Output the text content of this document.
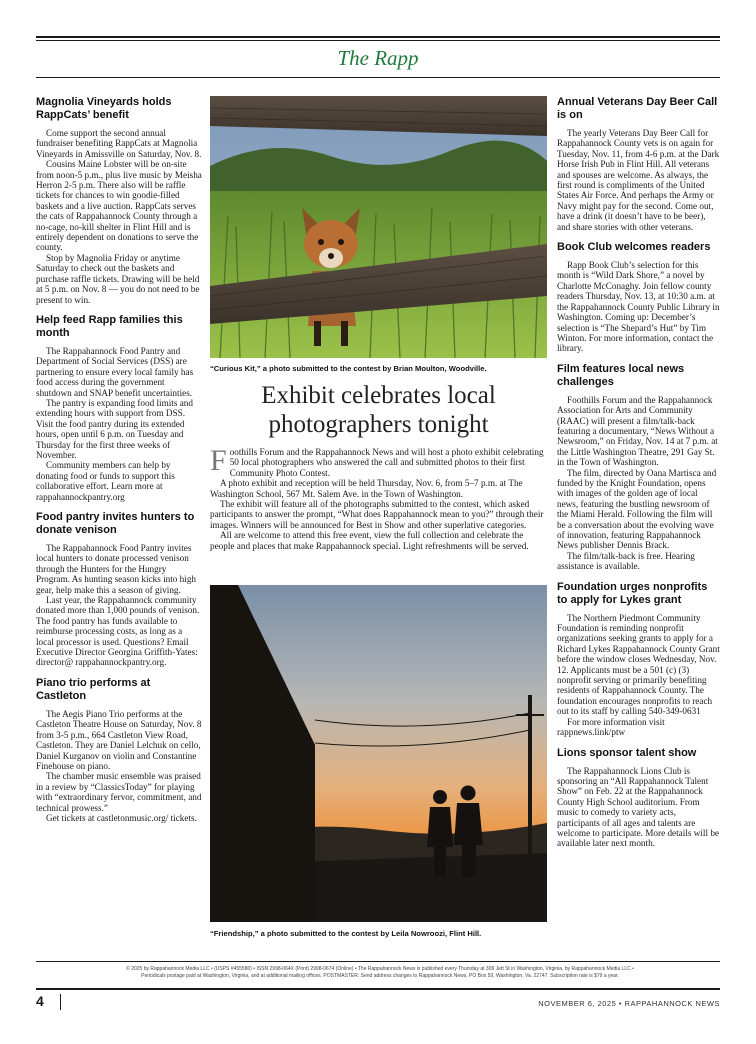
The Rapp
Magnolia Vineyards holds RappCats’ benefit

Come support the second annual fundraiser benefiting RappCats at Magnolia Vineyards in Amissville on Saturday, Nov. 8.

Cousins Maine Lobster will be on-site from noon-5 p.m., plus live music by Meisha Herron 2-5 p.m. There also will be raffle tickets for chances to win goodie-filled baskets and a live auction. RappCats serves the cats of Rappahannock County through a no-cage, no-kill shelter in Flint Hill and is entirely dependent on donations to serve the county.

Stop by Magnolia Friday or anytime Saturday to check out the baskets and purchase raffle tickets. Drawing will be held at 5 p.m. on Nov. 8 — you do not need to be present to win.

Help feed Rapp families this month

The Rappahannock Food Pantry and Department of Social Services (DSS) are partnering to ensure every local family has food access during the government shutdown and SNAP benefit uncertainties.

The pantry is expanding food limits and extending hours with support from DSS. Visit the food pantry during its extended hours, open until 6 p.m. on Tuesday and Thursday for the first three weeks of November.

Community members can help by donating food or funds to support this collaborative effort. Learn more at rappahannockpantry.org

Food pantry invites hunters to donate venison

The Rappahannock Food Pantry invites local hunters to donate processed venison through the Hunters for the Hungry Program. As hunting season kicks into high gear, help make this a season of giving.

Last year, the Rappahannock community donated more than 1,000 pounds of venison. The food pantry has funds available to reimburse processing costs, as long as a local processor is used. Questions? Email Executive Director Georgina Griffith-Yates: director@ rappahannockpantry.org.

Piano trio performs at Castleton

The Aegis Piano Trio performs at the Castleton Theatre House on Saturday, Nov. 8 from 3-5 p.m., 664 Castleton View Road, Castleton. They are Daniel Lelchuk on cello, Daniel Kurganov on violin and Constantine Finehouse on piano.

The chamber music ensemble was praised in a review by “ClassicsToday” for playing with “extraordinary fervor, commitment, and technical prowess.”

Get tickets at castletonmusic.org/ tickets.

“Curious Kit,” a photo submitted to the contest by Brian Moulton, Woodville.
Exhibit celebrates local photographers tonight

Foothills Forum and the Rappahannock News and will host a photo exhibit celebrating 50 local photographers who answered the call and submitted photos to their first Community Photo Contest.

A photo exhibit and reception will be held Thursday, Nov. 6, from 5–7 p.m. at The Washington School, 567 Mt. Salem Ave. in the Town of Washington.

The exhibit will feature all of the photographs submitted to the contest, which asked participants to answer the prompt, “What does Rappahannock mean to you?” through their images. Winners will be announced for Best in Show and other superlative categories.

All are welcome to attend this free event, view the full collection and celebrate the people and places that make Rappahannock special. Light refreshments will be served.

“Friendship,” a photo submitted to the contest by Leila Nowroozi, Flint Hill.
Annual Veterans Day Beer Call is on

The yearly Veterans Day Beer Call for Rappahannock County vets is on again for Tuesday, Nov. 11, from 4-6 p.m. at the Dark Horse Irish Pub in Flint Hill. All veterans and spouses are welcome. As always, the first round is compliments of the United States Air Force. And perhaps the Army or Navy might pay for the second. Come out, have a drink (it doesn’t have to be beer), and share stories with other veterans.

Book Club welcomes readers

Rapp Book Club’s selection for this month is “Wild Dark Shore,” a novel by Charlotte McConaghy. Join fellow county readers Thursday, Nov. 13, at 10:30 a.m. at the Rappahannock County Public Library in Washington. Coming up: December’s selection is “The Shepard’s Hut” by Tim Winton. For more information, contact the library.

Film features local news challenges

Foothills Forum and the Rappahannock Association for Arts and Community (RAAC) will present a film/talk-back featuring a documentary, “News Without a Newsroom,” on Friday, Nov. 14 at 7 p.m. at the Little Washington Theatre, 291 Gay St. in the Town of Washington.

The film, directed by Oana Martisca and funded by the Knight Foundation, opens with images of the golden age of local news, featuring the bustling newsroom of the Miami Herald. Following the film will be a conversation about the evolving wave of innovation, featuring Rappahannock News publisher Dennis Brack.

The film/talk-back is free. Hearing assistance is available.

Foundation urges nonprofits to apply for Lykes grant

The Northern Piedmont Community Foundation is reminding nonprofit organizations seeking grants to apply for a Richard Lykes Rappahannock County Grant before the window closes Wednesday, Nov. 12. Applicants must be a 501 (c) (3) nonprofit serving or primarily benefiting residents of Rappahannock County. The foundation encourages nonprofits to reach out to its staff by calling 540-349-0631

For more information visit rappnews.link/ptw

Lions sponsor talent show

The Rappahannock Lions Club is sponsoring an “All Rappahannock Talent Show” on Feb. 22 at the Rappahannock County High School auditorium. From music to comedy to variety acts, participants of all ages and talents are welcome to participate. More details will be available later next month.

© 2025 by Rappahannock Media LLC • (USPS #455580) • ISSN 2998-064X (Print) 2998-0674 (Online) • The Rappahannock News is published every Thursday at 309 Jett St in Washington, Virginia, by Rappahannock Media LLC •
Periodicals postage paid at Washington, Virginia, and at additional mailing offices. POSTMASTER: Send address changes to Rappahannock News, PO Box 59, Washington, Va. 22747. Subscription rate is $79 a year.
4	NOVEMBER 6, 2025 • RAPPAHANNOCK NEWS
